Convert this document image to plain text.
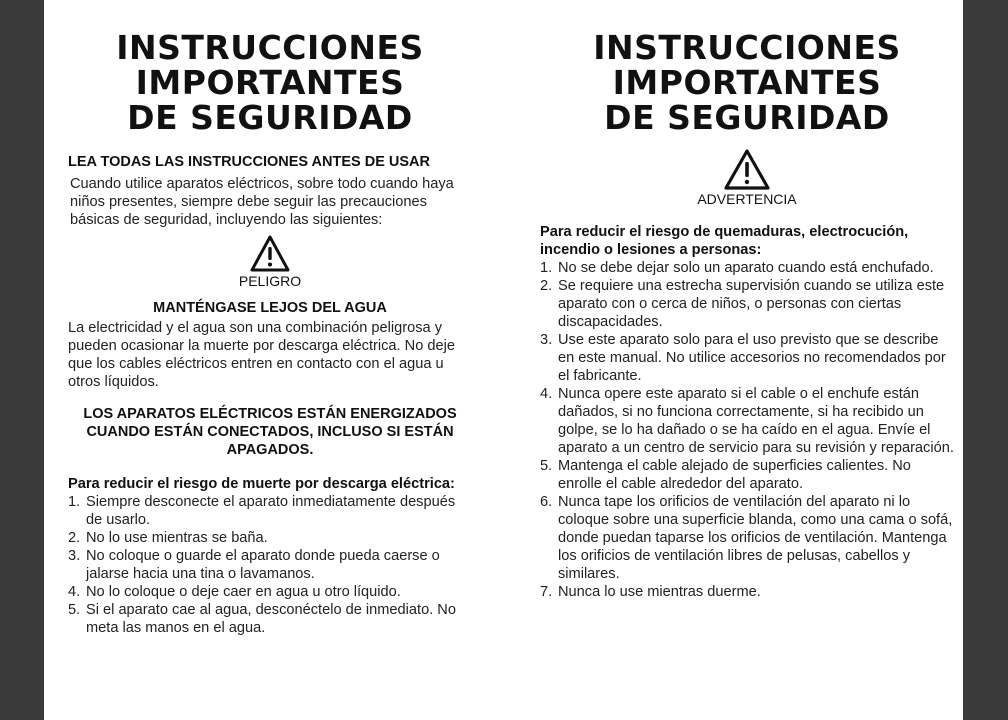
INSTRUCCIONES
IMPORTANTES
DE SEGURIDAD
LEA TODAS LAS INSTRUCCIONES ANTES DE USAR

Cuando utilice aparatos eléctricos, sobre todo cuando haya niños presentes, siempre debe seguir las precauciones básicas de seguridad, incluyendo las siguientes:

PELIGRO
MANTÉNGASE LEJOS DEL AGUA

La electricidad y el agua son una combinación peligrosa y pueden ocasionar la muerte por descarga eléctrica. No deje que los cables eléctricos entren en contacto con el agua u otros líquidos.

LOS APARATOS ELÉCTRICOS ESTÁN ENERGIZADOS CUANDO ESTÁN CONECTADOS, INCLUSO SI ESTÁN APAGADOS.

Para reducir el riesgo de muerte por descarga eléctrica:

1. Siempre desconecte el aparato inmediatamente después de usarlo.
2. No lo use mientras se baña.
3. No coloque o guarde el aparato donde pueda caerse o jalarse hacia una tina o lavamanos.
4. No lo coloque o deje caer en agua u otro líquido.
5. Si el aparato cae al agua, desconéctelo de inmediato. No meta las manos en el agua.
INSTRUCCIONES
IMPORTANTES
DE SEGURIDAD
ADVERTENCIA

Para reducir el riesgo de quemaduras, electrocución, incendio o lesiones a personas:

1. No se debe dejar solo un aparato cuando está enchufado.
2. Se requiere una estrecha supervisión cuando se utiliza este aparato con o cerca de niños, o personas con ciertas discapacidades.
3. Use este aparato solo para el uso previsto que se describe en este manual. No utilice accesorios no recomendados por el fabricante.
4. Nunca opere este aparato si el cable o el enchufe están dañados, si no funciona correctamente, si ha recibido un golpe, se lo ha dañado o se ha caído en el agua. Envíe el aparato a un centro de servicio para su revisión y reparación.
5. Mantenga el cable alejado de superficies calientes. No enrolle el cable alrededor del aparato.
6. Nunca tape los orificios de ventilación del aparato ni lo coloque sobre una superficie blanda, como una cama o sofá, donde puedan taparse los orificios de ventilación. Mantenga los orificios de ventilación libres de pelusas, cabellos y similares.
7. Nunca lo use mientras duerme.
